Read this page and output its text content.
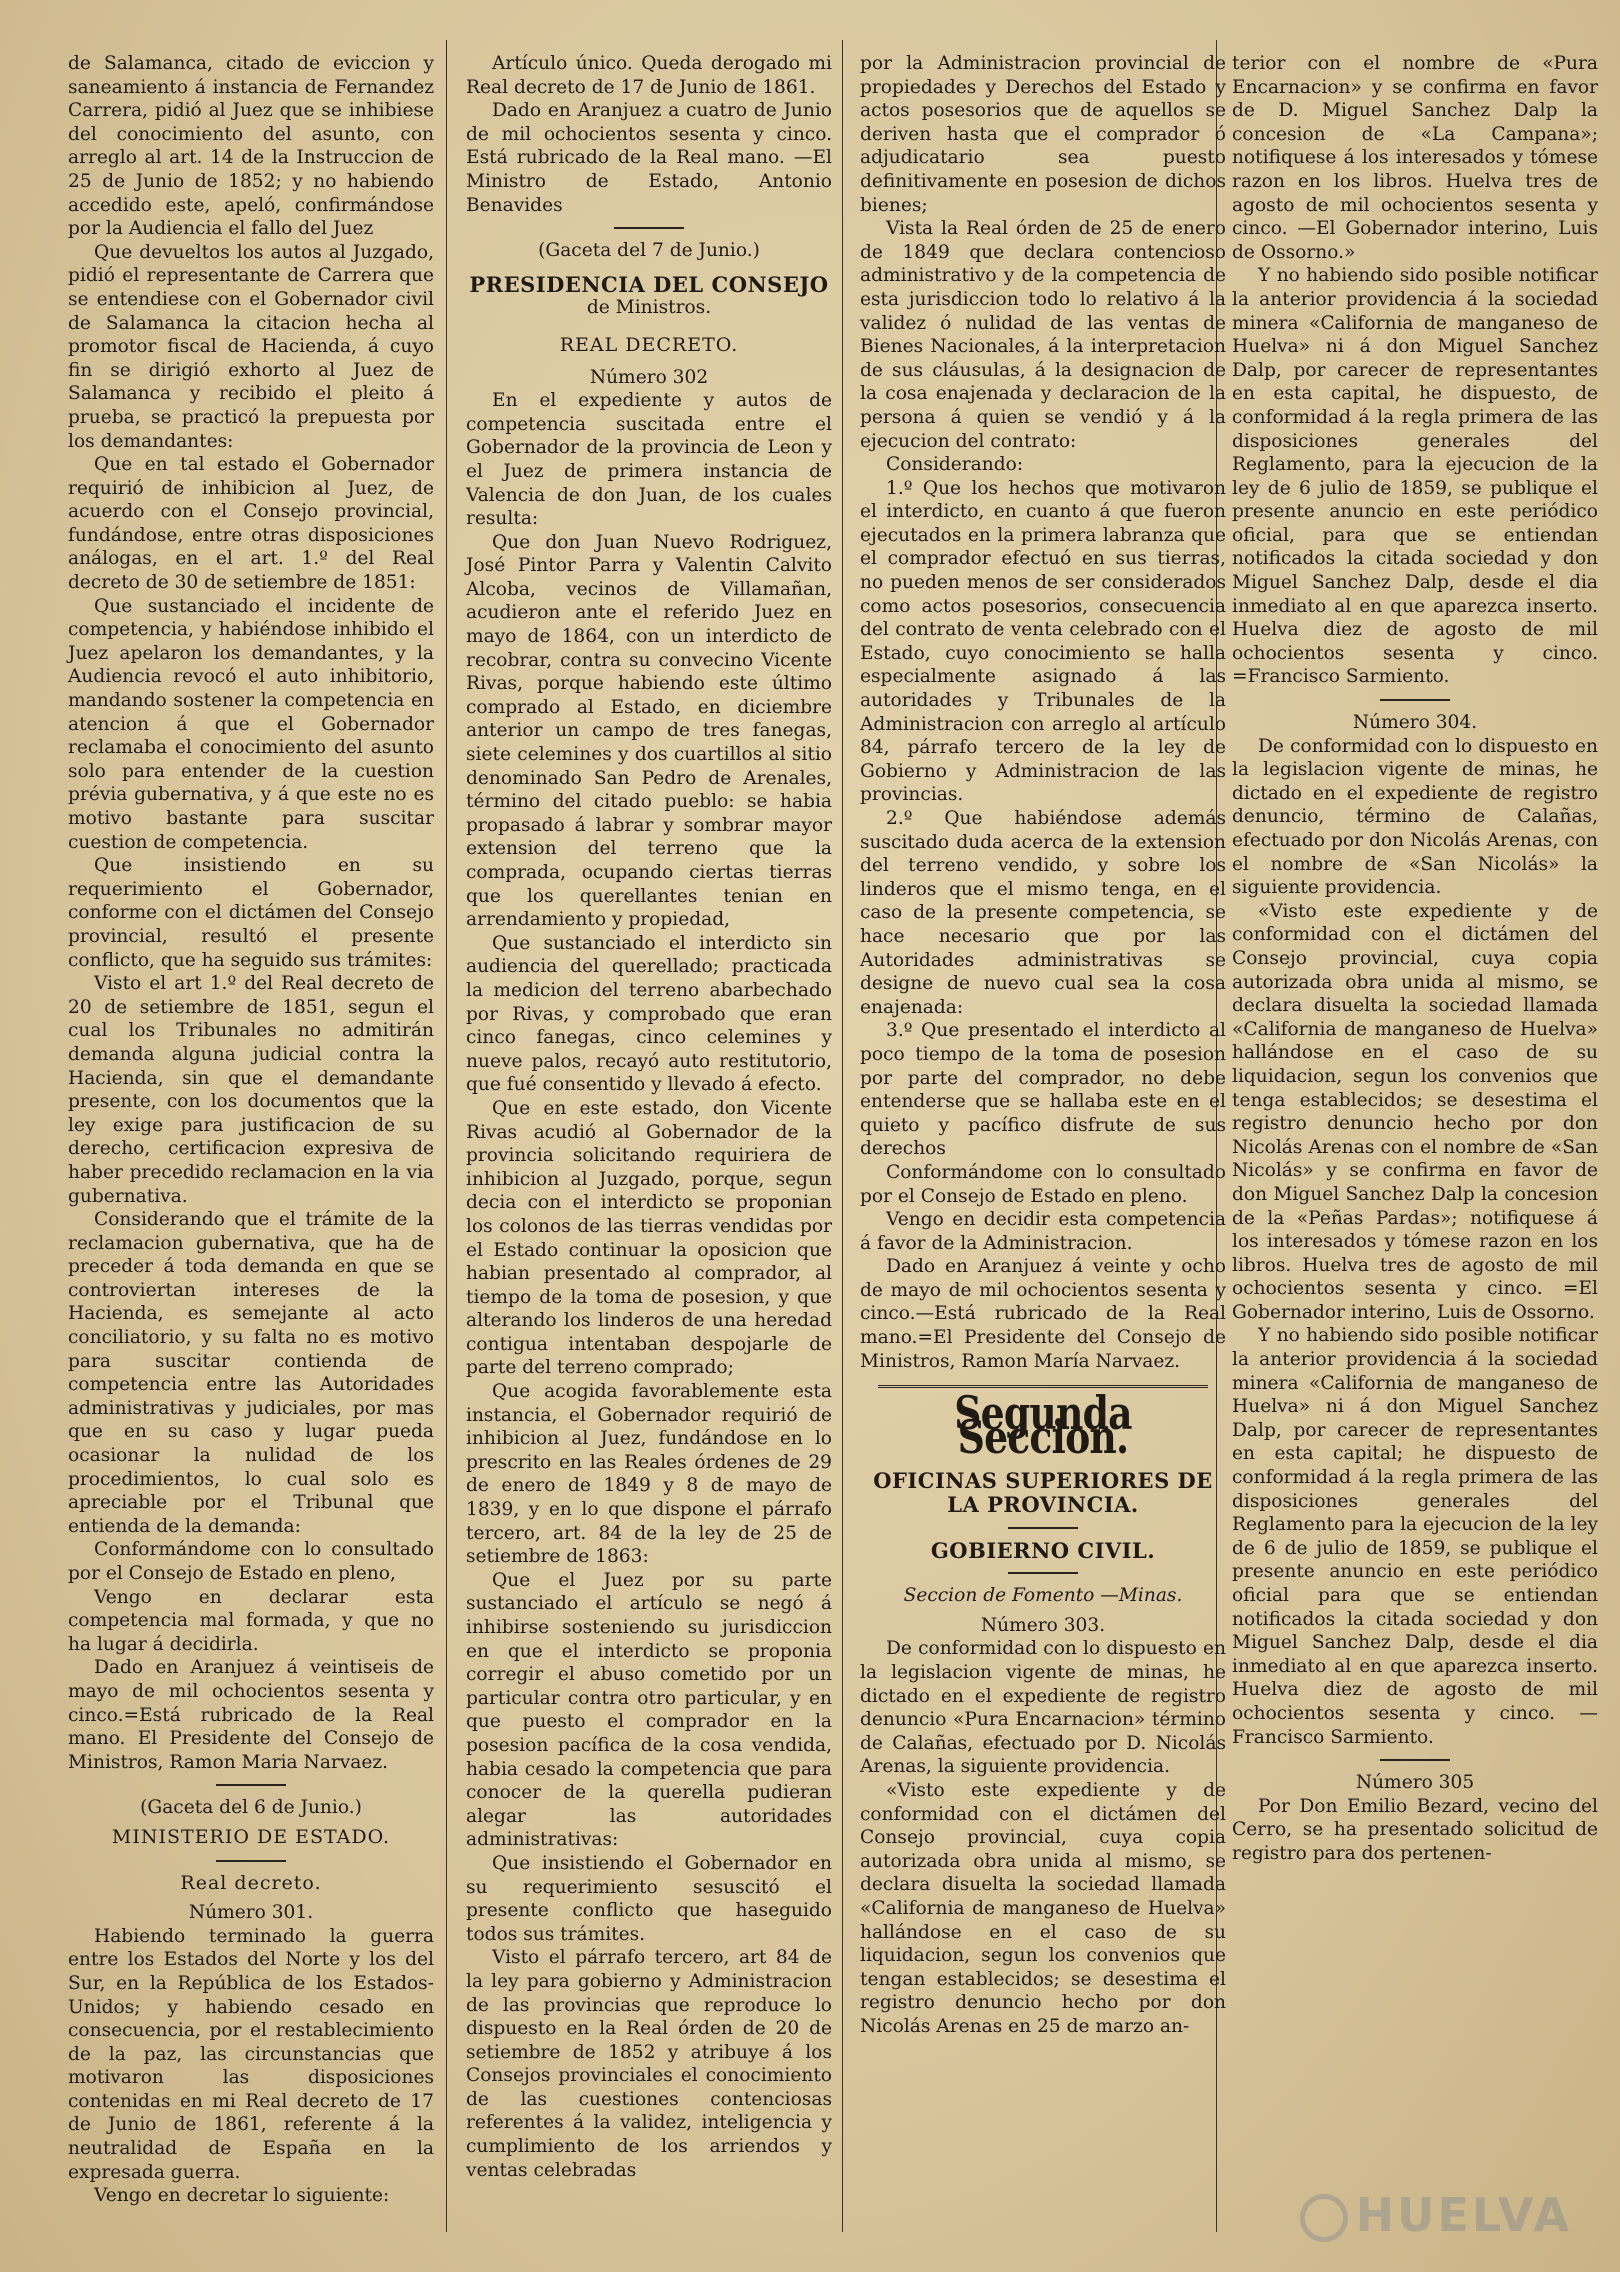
de Salamanca, citado de eviccion y saneamiento á instancia de Fernandez Carrera, pidió al Juez que se inhibiese del conocimiento del asunto, con arreglo al art. 14 de la Instruccion de 25 de Junio de 1852; y no habiendo accedido este, apeló, confirmándose por la Audiencia el fallo del Juez

Que devueltos los autos al Juzgado, pidió el representante de Carrera que se entendiese con el Gobernador civil de Salamanca la citacion hecha al promotor fiscal de Hacienda, á cuyo fin se dirigió exhorto al Juez de Salamanca y recibido el pleito á prueba, se practicó la prepuesta por los demandantes:

Que en tal estado el Gobernador requirió de inhibicion al Juez, de acuerdo con el Consejo provincial, fundándose, entre otras disposiciones análogas, en el art. 1.º del Real decreto de 30 de setiembre de 1851:

Que sustanciado el incidente de competencia, y habiéndose inhibido el Juez apelaron los demandantes, y la Audiencia revocó el auto inhibitorio, mandando sostener la competencia en atencion á que el Gobernador reclamaba el conocimiento del asunto solo para entender de la cuestion prévia gubernativa, y á que este no es motivo bastante para suscitar cuestion de competencia.

Que insistiendo en su requerimiento el Gobernador, conforme con el dictámen del Consejo provincial, resultó el presente conflicto, que ha seguido sus trámites:

Visto el art 1.º del Real decreto de 20 de setiembre de 1851, segun el cual los Tribunales no admitirán demanda alguna judicial contra la Hacienda, sin que el demandante presente, con los documentos que la ley exige para justificacion de su derecho, certificacion expresiva de haber precedido reclamacion en la via gubernativa.

Considerando que el trámite de la reclamacion gubernativa, que ha de preceder á toda demanda en que se controviertan intereses de la Hacienda, es semejante al acto conciliatorio, y su falta no es motivo para suscitar contienda de competencia entre las Autoridades administrativas y judiciales, por mas que en su caso y lugar pueda ocasionar la nulidad de los procedimientos, lo cual solo es apreciable por el Tribunal que entienda de la demanda:

Conformándome con lo consultado por el Consejo de Estado en pleno,

Vengo en declarar esta competencia mal formada, y que no ha lugar á decidirla.

Dado en Aranjuez á veintiseis de mayo de mil ochocientos sesenta y cinco.=Está rubricado de la Real mano. El Presidente del Consejo de Ministros, Ramon Maria Narvaez.

(Gaceta del 6 de Junio.)

MINISTERIO DE ESTADO.
Real decreto.

Número 301.

Habiendo terminado la guerra entre los Estados del Norte y los del Sur, en la República de los Estados-Unidos; y habiendo cesado en consecuencia, por el restablecimiento de la paz, las circunstancias que motivaron las disposiciones contenidas en mi Real decreto de 17 de Junio de 1861, referente á la neutralidad de España en la expresada guerra.

Vengo en decretar lo siguiente:

Artículo único. Queda derogado mi Real decreto de 17 de Junio de 1861.

Dado en Aranjuez a cuatro de Junio de mil ochocientos sesenta y cinco. Está rubricado de la Real mano. —El Ministro de Estado, Antonio Benavides

(Gaceta del 7 de Junio.)

PRESIDENCIA DEL CONSEJO

de Ministros.

REAL DECRETO.

Número 302

En el expediente y autos de competencia suscitada entre el Gobernador de la provincia de Leon y el Juez de primera instancia de Valencia de don Juan, de los cuales resulta:

Que don Juan Nuevo Rodriguez, José Pintor Parra y Valentin Calvito Alcoba, vecinos de Villamañan, acudieron ante el referido Juez en mayo de 1864, con un interdicto de recobrar, contra su convecino Vicente Rivas, porque habiendo este último comprado al Estado, en diciembre anterior un campo de tres fanegas, siete celemines y dos cuartillos al sitio denominado San Pedro de Arenales, término del citado pueblo: se habia propasado á labrar y sombrar mayor extension del terreno que la comprada, ocupando ciertas tierras que los querellantes tenian en arrendamiento y propiedad,

Que sustanciado el interdicto sin audiencia del querellado; practicada la medicion del terreno abarbechado por Rivas, y comprobado que eran cinco fanegas, cinco celemines y nueve palos, recayó auto restitutorio, que fué consentido y llevado á efecto.

Que en este estado, don Vicente Rivas acudió al Gobernador de la provincia solicitando requiriera de inhibicion al Juzgado, porque, segun decia con el interdicto se proponian los colonos de las tierras vendidas por el Estado continuar la oposicion que habian presentado al comprador, al tiempo de la toma de posesion, y que alterando los linderos de una heredad contigua intentaban despojarle de parte del terreno comprado;

Que acogida favorablemente esta instancia, el Gobernador requirió de inhibicion al Juez, fundándose en lo prescrito en las Reales órdenes de 29 de enero de 1849 y 8 de mayo de 1839, y en lo que dispone el párrafo tercero, art. 84 de la ley de 25 de setiembre de 1863:

Que el Juez por su parte sustanciado el artículo se negó á inhibirse sosteniendo su jurisdiccion en que el interdicto se proponia corregir el abuso cometido por un particular contra otro particular, y en que puesto el comprador en la posesion pacífica de la cosa vendida, habia cesado la competencia que para conocer de la querella pudieran alegar las autoridades administrativas:

Que insistiendo el Gobernador en su requerimiento sesuscitó el presente conflicto que haseguido todos sus trámites.

Visto el párrafo tercero, art 84 de la ley para gobierno y Administracion de las provincias que reproduce lo dispuesto en la Real órden de 20 de setiembre de 1852 y atribuye á los Consejos provinciales el conocimiento de las cuestiones contenciosas referentes á la validez, inteligencia y cumplimiento de los arriendos y ventas celebradas

por la Administracion provincial de propiedades y Derechos del Estado y actos posesorios que de aquellos se deriven hasta que el comprador ó adjudicatario sea puesto definitivamente en posesion de dichos bienes;

Vista la Real órden de 25 de enero de 1849 que declara contencioso administrativo y de la competencia de esta jurisdiccion todo lo relativo á la validez ó nulidad de las ventas de Bienes Nacionales, á la interpretacion de sus cláusulas, á la designacion de la cosa enajenada y declaracion de la persona á quien se vendió y á la ejecucion del contrato:

Considerando:

1.º Que los hechos que motivaron el interdicto, en cuanto á que fueron ejecutados en la primera labranza que el comprador efectuó en sus tierras, no pueden menos de ser considerados como actos posesorios, consecuencia del contrato de venta celebrado con el Estado, cuyo conocimiento se halla especialmente asignado á las autoridades y Tribunales de la Administracion con arreglo al artículo 84, párrafo tercero de la ley de Gobierno y Administracion de las provincias.

2.º Que habiéndose además suscitado duda acerca de la extension del terreno vendido, y sobre los linderos que el mismo tenga, en el caso de la presente competencia, se hace necesario que por las Autoridades administrativas se designe de nuevo cual sea la cosa enajenada:

3.º Que presentado el interdicto al poco tiempo de la toma de posesion por parte del comprador, no debe entenderse que se hallaba este en el quieto y pacífico disfrute de sus derechos

Conformándome con lo consultado por el Consejo de Estado en pleno.

Vengo en decidir esta competencia á favor de la Administracion.

Dado en Aranjuez á veinte y ocho de mayo de mil ochocientos sesenta y cinco.—Está rubricado de la Real mano.=El Presidente del Consejo de Ministros, Ramon María Narvaez.

Segunda Seccion.
OFICINAS SUPERIORES DE LA PROVINCIA.
GOBIERNO CIVIL.

Seccion de Fomento —Minas.

Número 303.

De conformidad con lo dispuesto en la legislacion vigente de minas, he dictado en el expediente de registro denuncio «Pura Encarnacion» término de Calañas, efectuado por D. Nicolás Arenas, la siguiente providencia.

«Visto este expediente y de conformidad con el dictámen del Consejo provincial, cuya copia autorizada obra unida al mismo, se declara disuelta la sociedad llamada «California de manganeso de Huelva» hallándose en el caso de su liquidacion, segun los convenios que tengan establecidos; se desestima el registro denuncio hecho por don Nicolás Arenas en 25 de marzo an-

terior con el nombre de «Pura Encarnacion» y se confirma en favor de D. Miguel Sanchez Dalp la concesion de «La Campana»; notifiquese á los interesados y tómese razon en los libros. Huelva tres de agosto de mil ochocientos sesenta y cinco. —El Gobernador interino, Luis de Ossorno.»

Y no habiendo sido posible notificar la anterior providencia á la sociedad minera «California de manganeso de Huelva» ni á don Miguel Sanchez Dalp, por carecer de representantes en esta capital, he dispuesto, de conformidad á la regla primera de las disposiciones generales del Reglamento, para la ejecucion de la ley de 6 julio de 1859, se publique el presente anuncio en este periódico oficial, para que se entiendan notificados la citada sociedad y don Miguel Sanchez Dalp, desde el dia inmediato al en que aparezca inserto. Huelva diez de agosto de mil ochocientos sesenta y cinco. =Francisco Sarmiento.

Número 304.

De conformidad con lo dispuesto en la legislacion vigente de minas, he dictado en el expediente de registro denuncio, término de Calañas, efectuado por don Nicolás Arenas, con el nombre de «San Nicolás» la siguiente providencia.

«Visto este expediente y de conformidad con el dictámen del Consejo provincial, cuya copia autorizada obra unida al mismo, se declara disuelta la sociedad llamada «California de manganeso de Huelva» hallándose en el caso de su liquidacion, segun los convenios que tenga establecidos; se desestima el registro denuncio hecho por don Nicolás Arenas con el nombre de «San Nicolás» y se confirma en favor de don Miguel Sanchez Dalp la concesion de la «Peñas Pardas»; notifiquese á los interesados y tómese razon en los libros. Huelva tres de agosto de mil ochocientos sesenta y cinco. =El Gobernador interino, Luis de Ossorno.

Y no habiendo sido posible notificar la anterior providencia á la sociedad minera «California de manganeso de Huelva» ni á don Miguel Sanchez Dalp, por carecer de representantes en esta capital; he dispuesto de conformidad á la regla primera de las disposiciones generales del Reglamento para la ejecucion de la ley de 6 de julio de 1859, se publique el presente anuncio en este periódico oficial para que se entiendan notificados la citada sociedad y don Miguel Sanchez Dalp, desde el dia inmediato al en que aparezca inserto. Huelva diez de agosto de mil ochocientos sesenta y cinco. — Francisco Sarmiento.

Número 305

Por Don Emilio Bezard, vecino del Cerro, se ha presentado solicitud de registro para dos pertenen-

HUELVA
